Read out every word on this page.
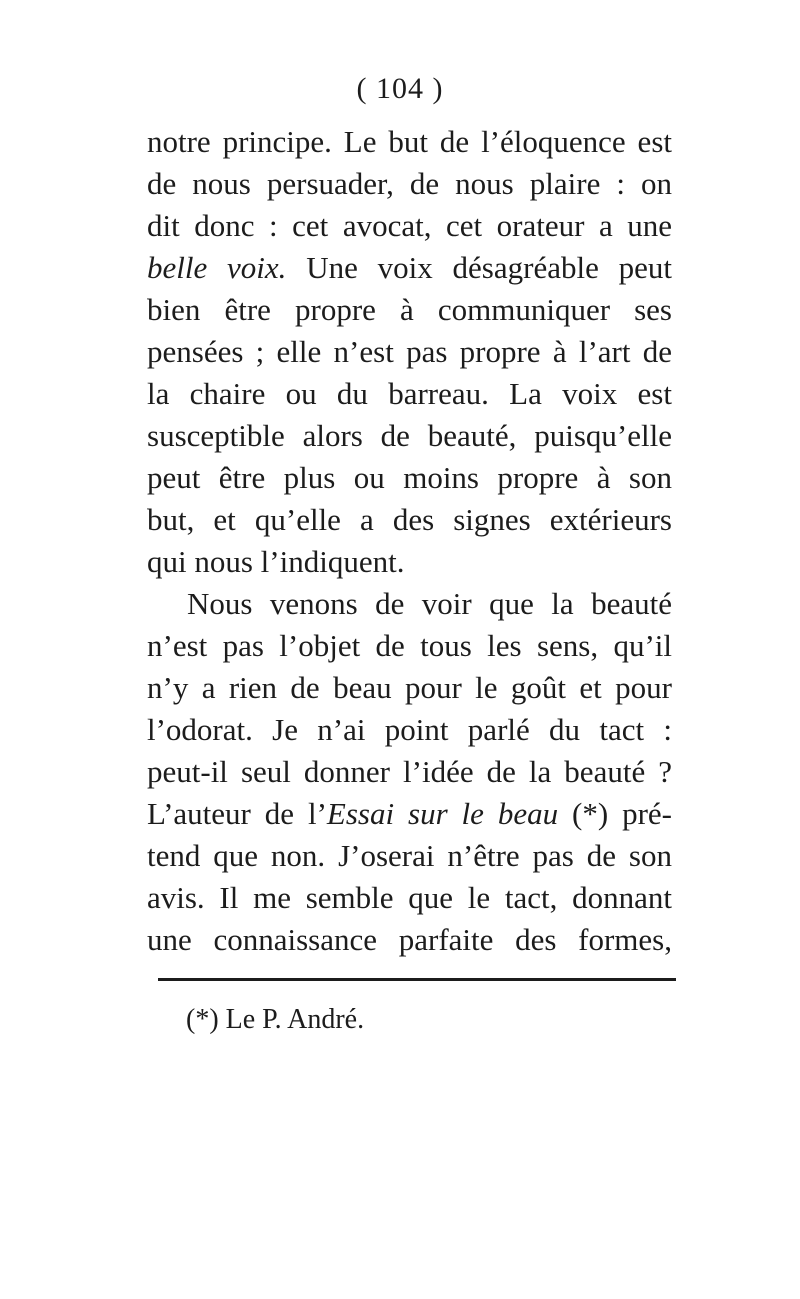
( 104 )
notre principe. Le but de l’éloquence est
de nous persuader, de nous plaire : on
dit donc : cet avocat, cet orateur a une
belle voix. Une voix désagréable peut
bien être propre à communiquer ses
pensées ; elle n’est pas propre à l’art de
la chaire ou du barreau. La voix est
susceptible alors de beauté, puisqu’elle
peut être plus ou moins propre à son
but, et qu’elle a des signes extérieurs
qui nous l’indiquent.
Nous venons de voir que la beauté
n’est pas l’objet de tous les sens, qu’il
n’y a rien de beau pour le goût et pour
l’odorat. Je n’ai point parlé du tact :
peut-il seul donner l’idée de la beauté ?
L’auteur de l’Essai sur le beau (*) pré-
tend que non. J’oserai n’être pas de son
avis. Il me semble que le tact, donnant
une connaissance parfaite des formes,
(*) Le P. André.
